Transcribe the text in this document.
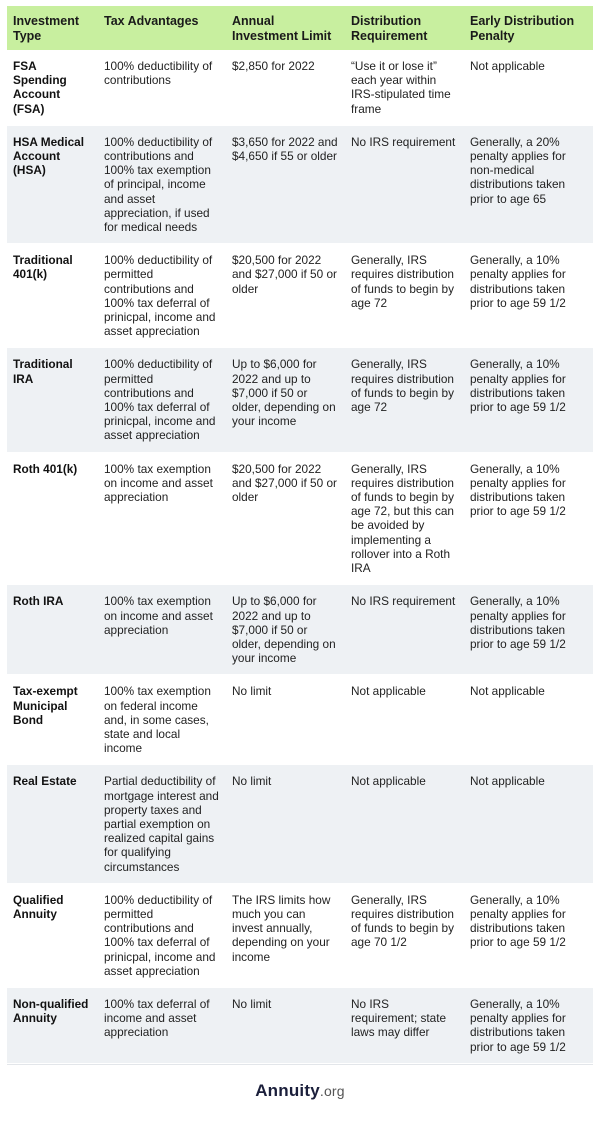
Investment Type	Tax Advantages	Annual Investment Limit	Distribution Requirement	Early Distribution Penalty
FSA Spending Account (FSA)	100% deductibility of contributions	$2,850 for 2022	“Use it or lose it” each year within IRS-stipulated time frame	Not applicable
HSA Medical Account (HSA)	100% deductibility of contributions and 100% tax exemption of principal, income and asset appreciation, if used for medical needs	$3,650 for 2022 and $4,650 if 55 or older	No IRS requirement	Generally, a 20% penalty applies for non-medical distributions taken prior to age 65
Traditional 401(k)	100% deductibility of permitted contributions and 100% tax deferral of prinicpal, income and asset appreciation	$20,500 for 2022 and $27,000 if 50 or older	Generally, IRS requires distribution of funds to begin by age 72	Generally, a 10% penalty applies for distributions taken prior to age 59 1/2
Traditional IRA	100% deductibility of permitted contributions and 100% tax deferral of prinicpal, income and asset appreciation	Up to $6,000 for 2022 and up to $7,000 if 50 or older, depending on your income	Generally, IRS requires distribution of funds to begin by age 72	Generally, a 10% penalty applies for distributions taken prior to age 59 1/2
Roth 401(k)	100% tax exemption on income and asset appreciation	$20,500 for 2022 and $27,000 if 50 or older	Generally, IRS requires distribution of funds to begin by age 72, but this can be avoided by implementing a rollover into a Roth IRA	Generally, a 10% penalty applies for distributions taken prior to age 59 1/2
Roth IRA	100% tax exemption on income and asset appreciation	Up to $6,000 for 2022 and up to $7,000 if 50 or older, depending on your income	No IRS requirement	Generally, a 10% penalty applies for distributions taken prior to age 59 1/2
Tax-exempt Municipal Bond	100% tax exemption on federal income and, in some cases, state and local income	No limit	Not applicable	Not applicable
Real Estate	Partial deductibility of mortgage interest and property taxes and partial exemption on realized capital gains for qualifying circumstances	No limit	Not applicable	Not applicable
Qualified Annuity	100% deductibility of permitted contributions and 100% tax deferral of prinicpal, income and asset appreciation	The IRS limits how much you can invest annually, depending on your income	Generally, IRS requires distribution of funds to begin by age 70 1/2	Generally, a 10% penalty applies for distributions taken prior to age 59 1/2
Non-qualified Annuity	100% tax deferral of income and asset appreciation	No limit	No IRS requirement; state laws may differ	Generally, a 10% penalty applies for distributions taken prior to age 59 1/2
Annuity.org
